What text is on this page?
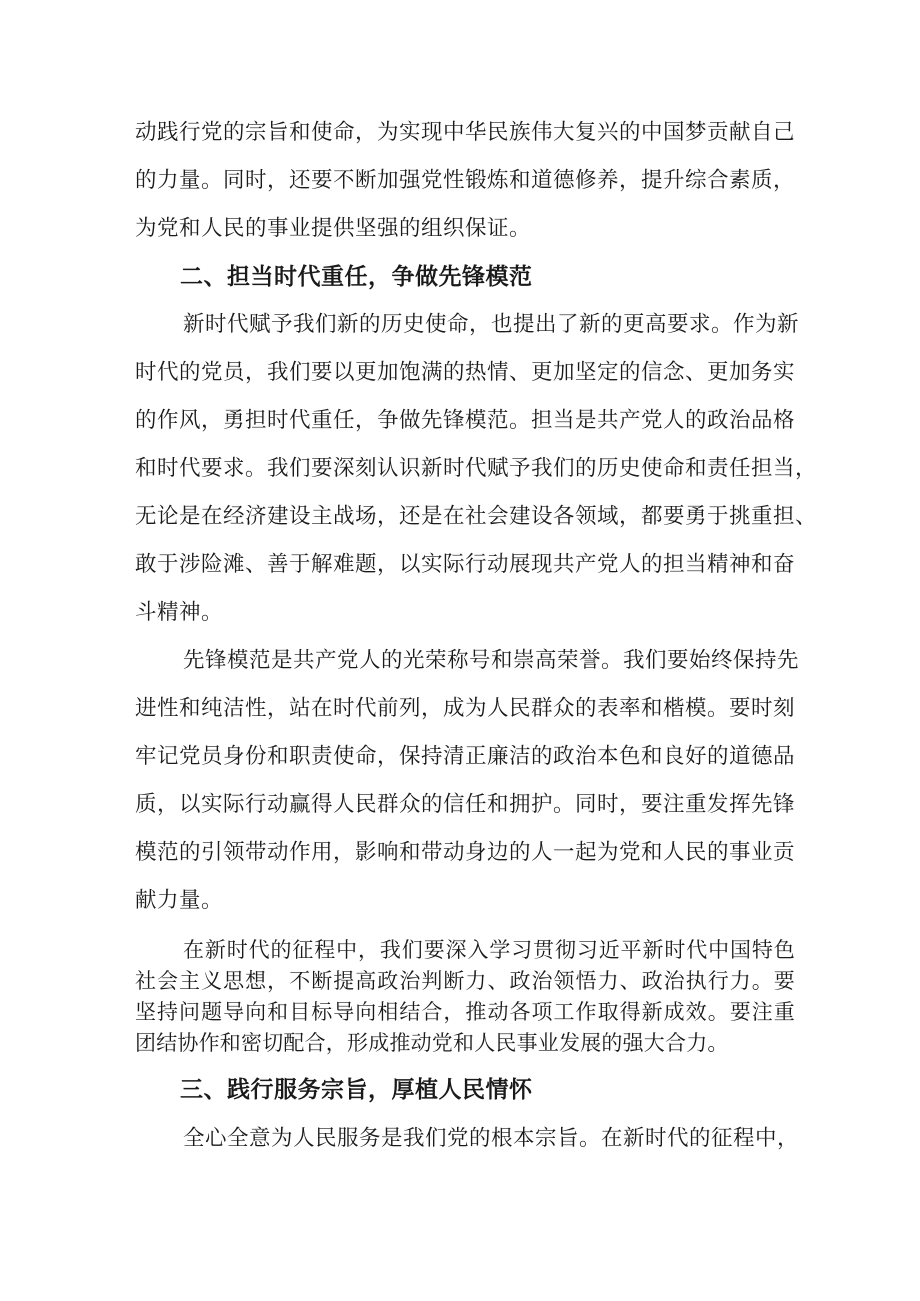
动践行党的宗旨和使命，为实现中华民族伟大复兴的中国梦贡献自己
的力量。同时，还要不断加强党性锻炼和道德修养，提升综合素质，
为党和人民的事业提供坚强的组织保证。
二、担当时代重任，争做先锋模范
新时代赋予我们新的历史使命，也提出了新的更高要求。作为新
时代的党员，我们要以更加饱满的热情、更加坚定的信念、更加务实
的作风，勇担时代重任，争做先锋模范。担当是共产党人的政治品格
和时代要求。我们要深刻认识新时代赋予我们的历史使命和责任担当，
无论是在经济建设主战场，还是在社会建设各领域，都要勇于挑重担、
敢于涉险滩、善于解难题，以实际行动展现共产党人的担当精神和奋
斗精神。
先锋模范是共产党人的光荣称号和崇高荣誉。我们要始终保持先
进性和纯洁性，站在时代前列，成为人民群众的表率和楷模。要时刻
牢记党员身份和职责使命，保持清正廉洁的政治本色和良好的道德品
质，以实际行动赢得人民群众的信任和拥护。同时，要注重发挥先锋
模范的引领带动作用，影响和带动身边的人一起为党和人民的事业贡
献力量。
在新时代的征程中，我们要深入学习贯彻习近平新时代中国特色
社会主义思想，不断提高政治判断力、政治领悟力、政治执行力。要
坚持问题导向和目标导向相结合，推动各项工作取得新成效。要注重
团结协作和密切配合，形成推动党和人民事业发展的强大合力。
三、践行服务宗旨，厚植人民情怀
全心全意为人民服务是我们党的根本宗旨。在新时代的征程中，
